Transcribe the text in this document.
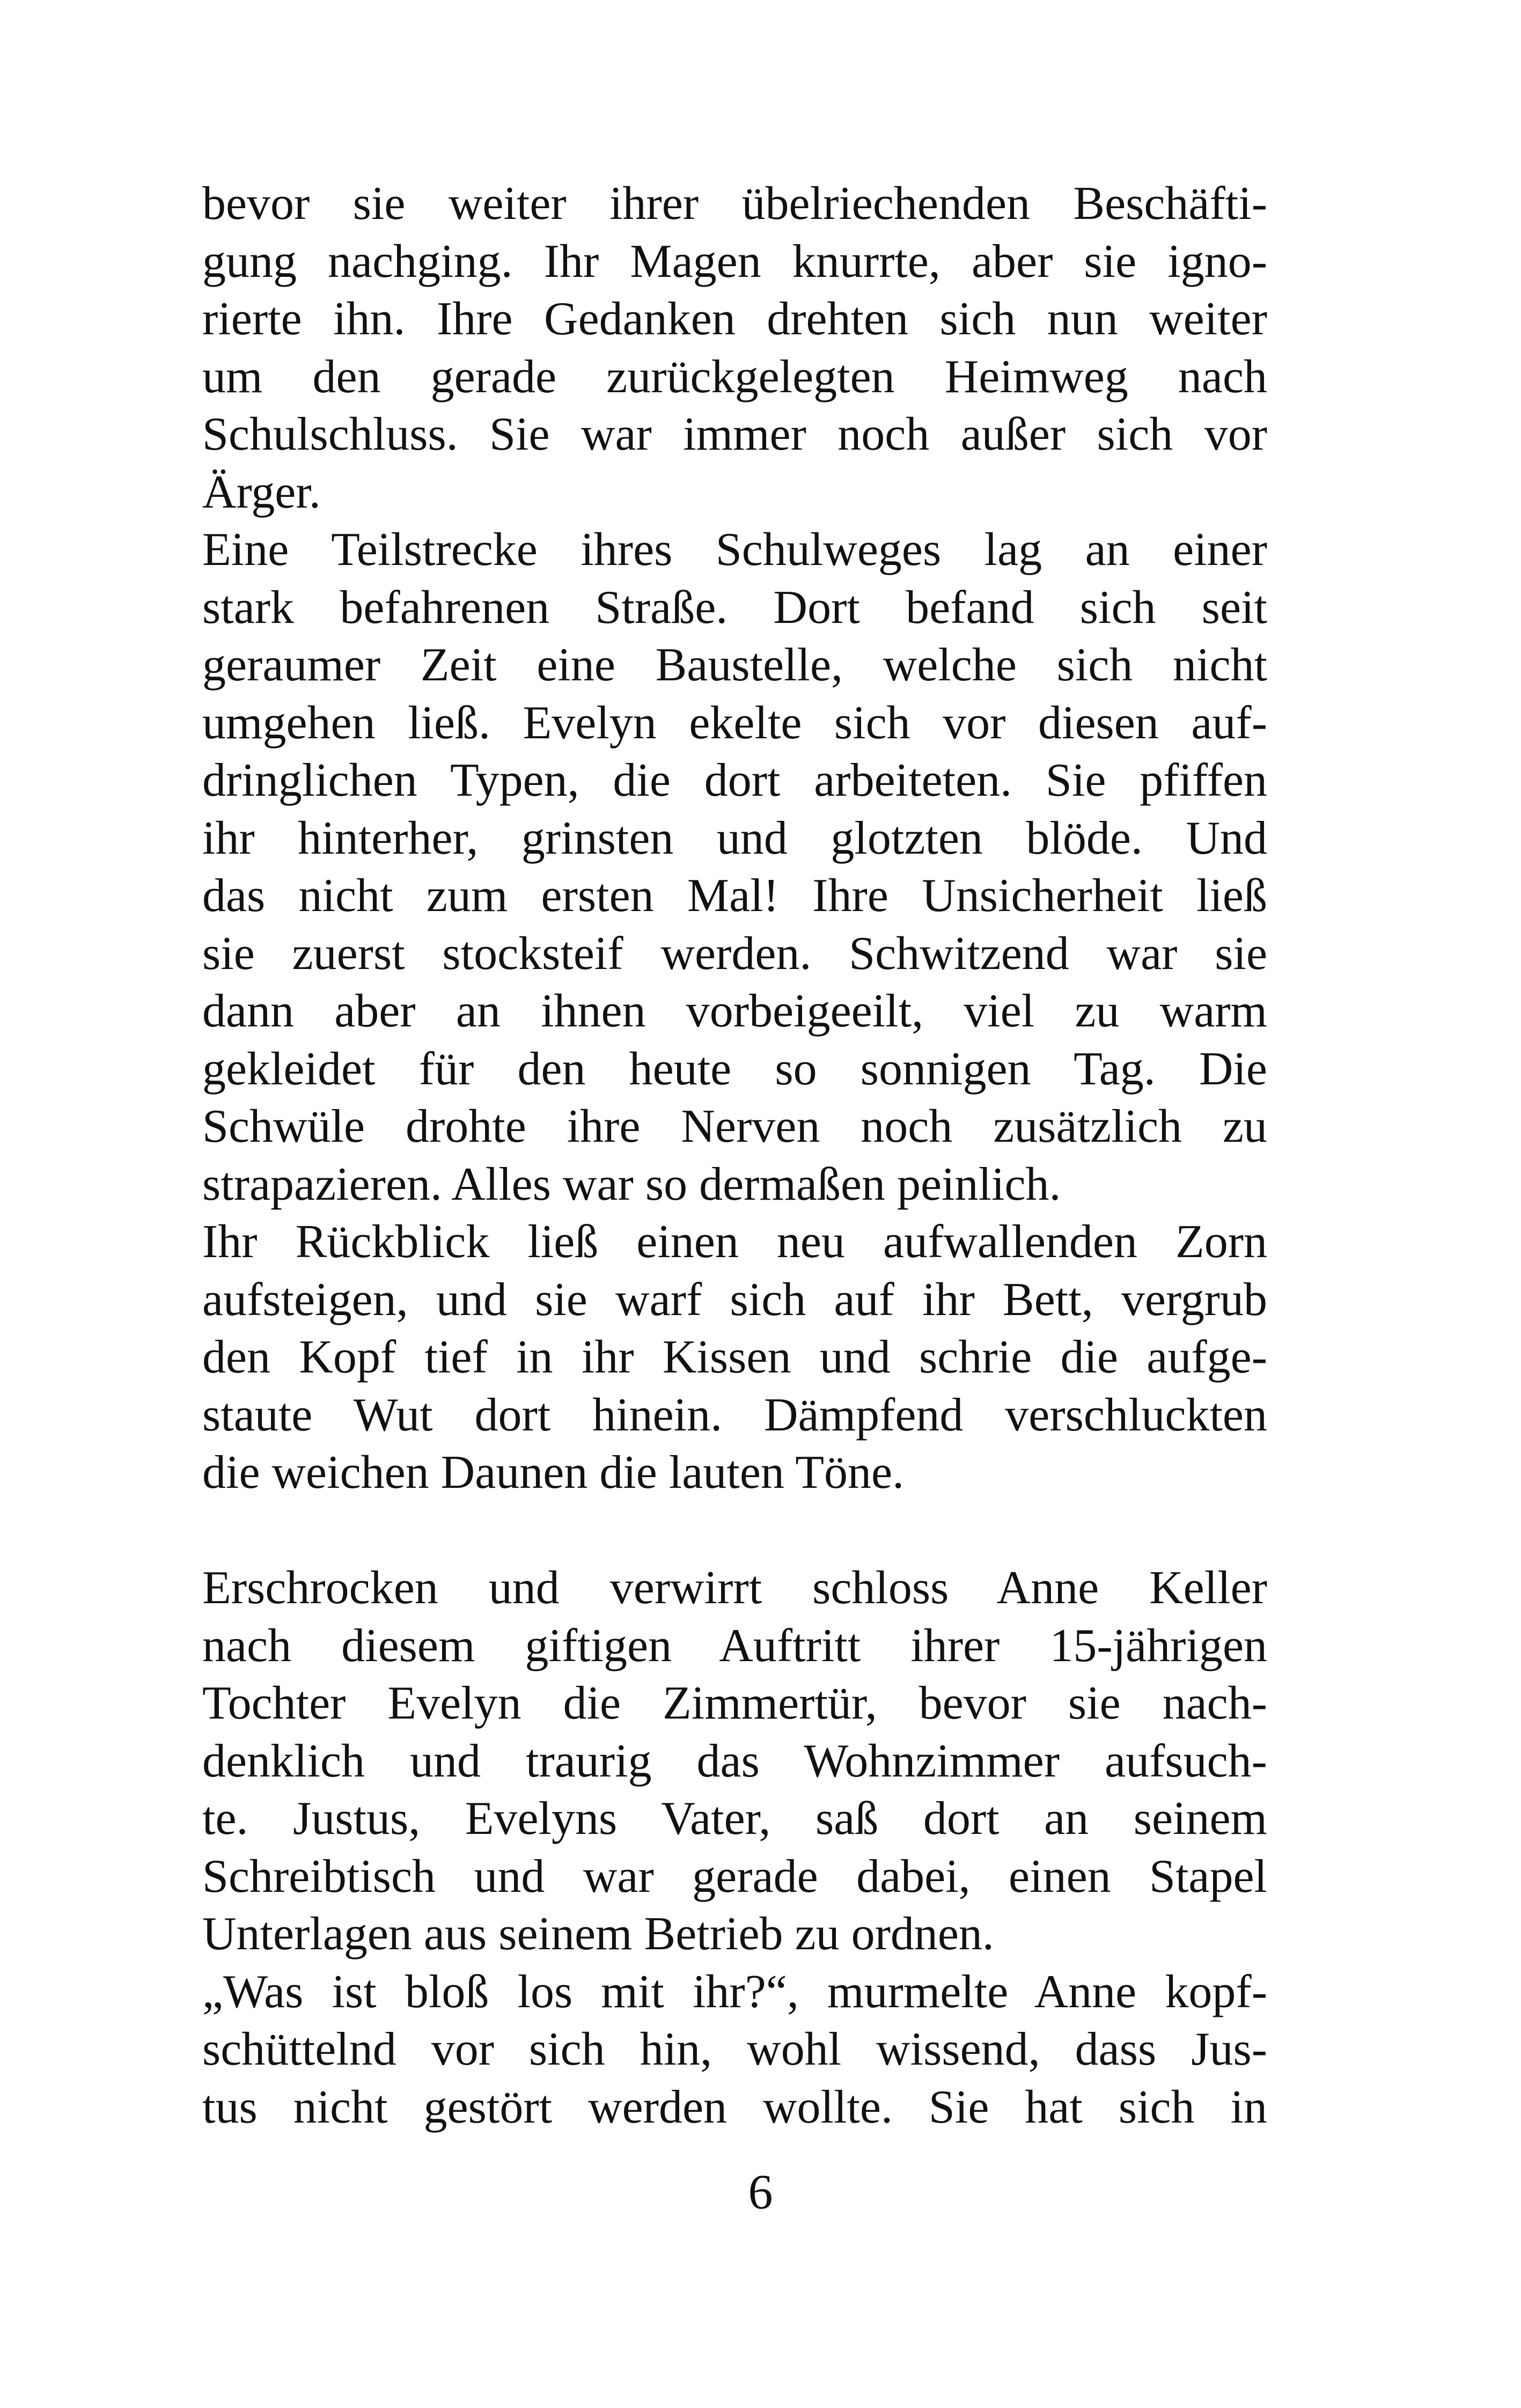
bevor sie weiter ihrer übelriechenden Beschäfti-
gung nachging. Ihr Magen knurrte, aber sie igno-
rierte ihn. Ihre Gedanken drehten sich nun weiter
um den gerade zurückgelegten Heimweg nach
Schulschluss. Sie war immer noch außer sich vor
Ärger.
Eine Teilstrecke ihres Schulweges lag an einer
stark befahrenen Straße. Dort befand sich seit
geraumer Zeit eine Baustelle, welche sich nicht
umgehen ließ. Evelyn ekelte sich vor diesen auf-
dringlichen Typen, die dort arbeiteten. Sie pfiffen
ihr hinterher, grinsten und glotzten blöde. Und
das nicht zum ersten Mal! Ihre Unsicherheit ließ
sie zuerst stocksteif werden. Schwitzend war sie
dann aber an ihnen vorbeigeeilt, viel zu warm
gekleidet für den heute so sonnigen Tag. Die
Schwüle drohte ihre Nerven noch zusätzlich zu
strapazieren. Alles war so dermaßen peinlich.
Ihr Rückblick ließ einen neu aufwallenden Zorn
aufsteigen, und sie warf sich auf ihr Bett, vergrub
den Kopf tief in ihr Kissen und schrie die aufge-
staute Wut dort hinein. Dämpfend verschluckten
die weichen Daunen die lauten Töne.
Erschrocken und verwirrt schloss Anne Keller
nach diesem giftigen Auftritt ihrer 15-jährigen
Tochter Evelyn die Zimmertür, bevor sie nach-
denklich und traurig das Wohnzimmer aufsuch-
te. Justus, Evelyns Vater, saß dort an seinem
Schreibtisch und war gerade dabei, einen Stapel
Unterlagen aus seinem Betrieb zu ordnen.
„Was ist bloß los mit ihr?“, murmelte Anne kopf-
schüttelnd vor sich hin, wohl wissend, dass Jus-
tus nicht gestört werden wollte. Sie hat sich in
6
